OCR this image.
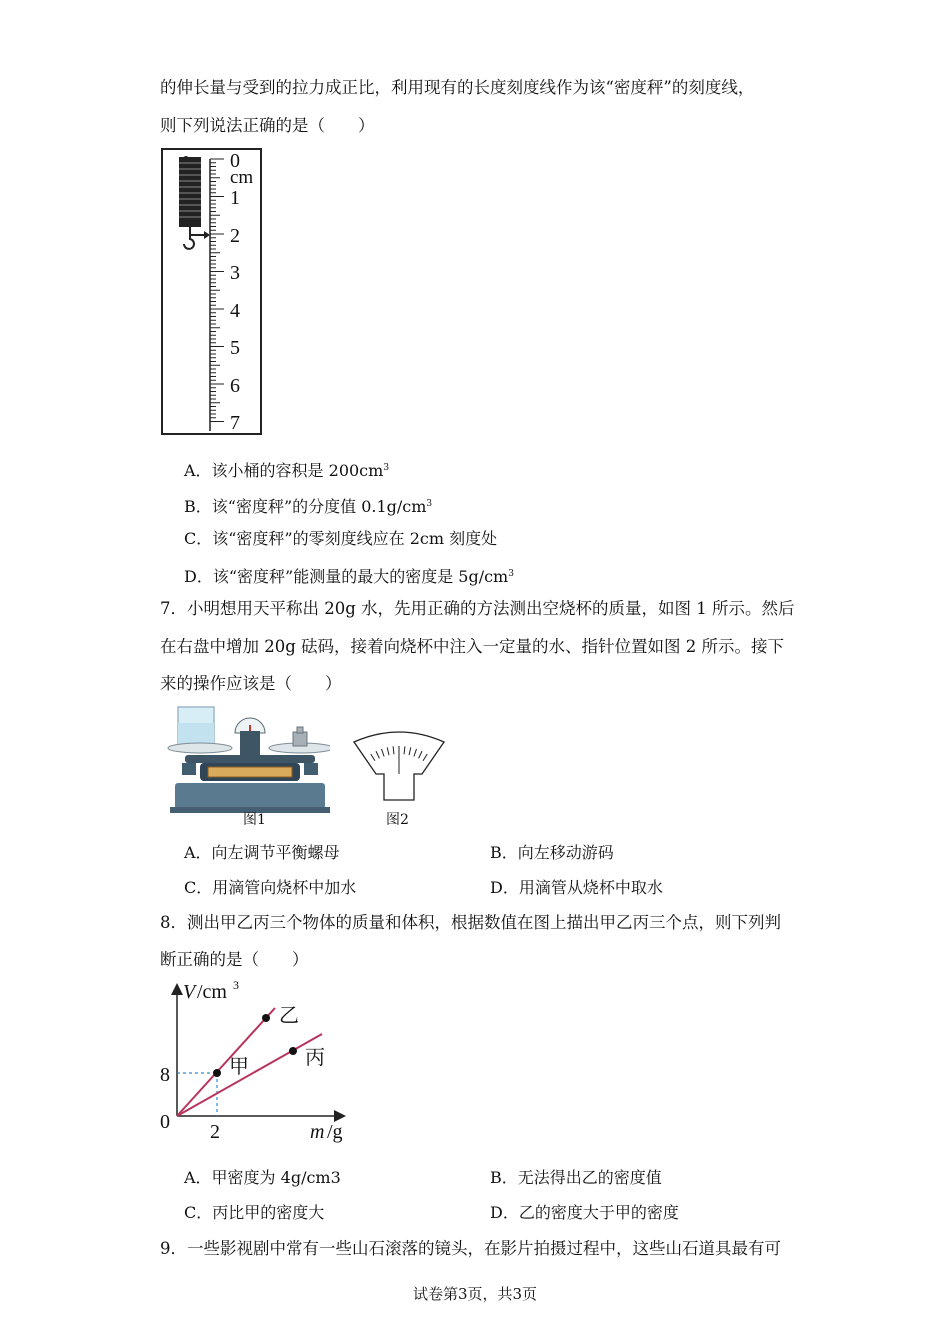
的伸长量与受到的拉力成正比，利用现有的长度刻度线作为该“密度秤”的刻度线，
则下列说法正确的是（　　）
0
1
2
3
4
5
6
7
cm
A．该小桶的容积是 $200cm^3$
B．该“密度秤”的分度值 $0.1g/cm^3$
C．该“密度秤”的零刻度线应在 2cm 刻度处
D．该“密度秤”能测量的最大的密度是 $5g/cm^3$
7．小明想用天平称出 20g 水，先用正确的方法测出空烧杯的质量，如图 1 所示。然后
在右盘中增加 20g 砝码，接着向烧杯中注入一定量的水、指针位置如图 2 所示。接下
来的操作应该是（　　）
图1	图2
A．向左调节平衡螺母	B．向左移动游码
C．用滴管向烧杯中加水	D．用滴管从烧杯中取水
8．测出甲乙丙三个物体的质量和体积，根据数值在图上描出甲乙丙三个点，则下列判
断正确的是（　　）
V /cm 3
m /g
0 2
8	甲
乙
丙
A．甲密度为 4g/cm3	B．无法得出乙的密度值
C．丙比甲的密度大	D．乙的密度大于甲的密度
9．一些影视剧中常有一些山石滚落的镜头，在影片拍摄过程中，这些山石道具最有可
试卷第3页，共3页
